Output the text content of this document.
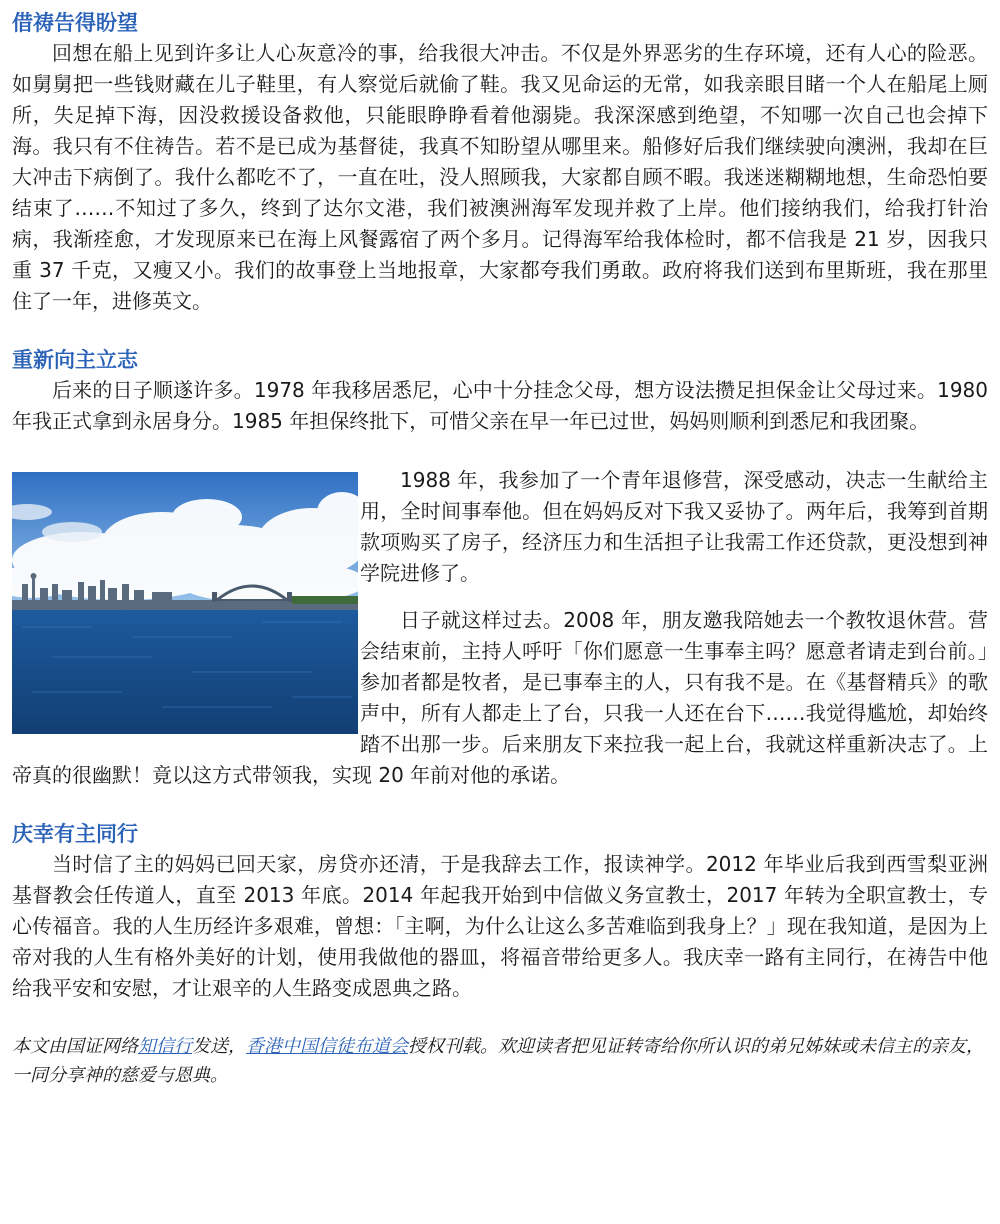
借祷告得盼望

回想在船上见到许多让人心灰意冷的事，给我很大冲击。不仅是外界恶劣的生存环境，还有人心的险恶。如舅舅把一些钱财藏在儿子鞋里，有人察觉后就偷了鞋。我又见命运的无常，如我亲眼目睹一个人在船尾上厕所，失足掉下海，因没救援设备救他，只能眼睁睁看着他溺毙。我深深感到绝望，不知哪一次自己也会掉下海。我只有不住祷告。若不是已成为基督徒，我真不知盼望从哪里来。船修好后我们继续驶向澳洲，我却在巨大冲击下病倒了。我什么都吃不了，一直在吐，没人照顾我，大家都自顾不暇。我迷迷糊糊地想，生命恐怕要结束了……不知过了多久，终到了达尔文港，我们被澳洲海军发现并救了上岸。他们接纳我们，给我打针治病，我渐痊愈，才发现原来已在海上风餐露宿了两个多月。记得海军给我体检时，都不信我是 21 岁，因我只重 37 千克，又瘦又小。我们的故事登上当地报章，大家都夸我们勇敢。政府将我们送到布里斯班，我在那里住了一年，进修英文。

重新向主立志

后来的日子顺遂许多。1978 年我移居悉尼，心中十分挂念父母，想方设法攒足担保金让父母过来。1980 年我正式拿到永居身分。1985 年担保终批下，可惜父亲在早一年已过世，妈妈则顺利到悉尼和我团聚。

1988 年，我参加了一个青年退修营，深受感动，决志一生献给主用，全时间事奉他。但在妈妈反对下我又妥协了。两年后，我筹到首期款项购买了房子，经济压力和生活担子让我需工作还贷款，更没想到神学院进修了。

日子就这样过去。2008 年，朋友邀我陪她去一个教牧退休营。营会结束前，主持人呼吁「你们愿意一生事奉主吗？愿意者请走到台前。」参加者都是牧者，是已事奉主的人，只有我不是。在《基督精兵》的歌声中，所有人都走上了台，只我一人还在台下……我觉得尴尬，却始终踏不出那一步。后来朋友下来拉我一起上台，我就这样重新决志了。上帝真的很幽默！竟以这方式带领我，实现 20 年前对他的承诺。

庆幸有主同行

当时信了主的妈妈已回天家，房贷亦还清，于是我辞去工作，报读神学。2012 年毕业后我到西雪梨亚洲基督教会任传道人，直至 2013 年底。2014 年起我开始到中信做义务宣教士，2017 年转为全职宣教士，专心传福音。我的人生历经许多艰难，曾想：「主啊，为什么让这么多苦难临到我身上？」现在我知道，是因为上帝对我的人生有格外美好的计划，使用我做他的器皿，将福音带给更多人。我庆幸一路有主同行，在祷告中他给我平安和安慰，才让艰辛的人生路变成恩典之路。

本文由国证网络知信行发送，香港中国信徒布道会授权刊载。欢迎读者把见证转寄给你所认识的弟兄姊妹或未信主的亲友，一同分享神的慈爱与恩典。
